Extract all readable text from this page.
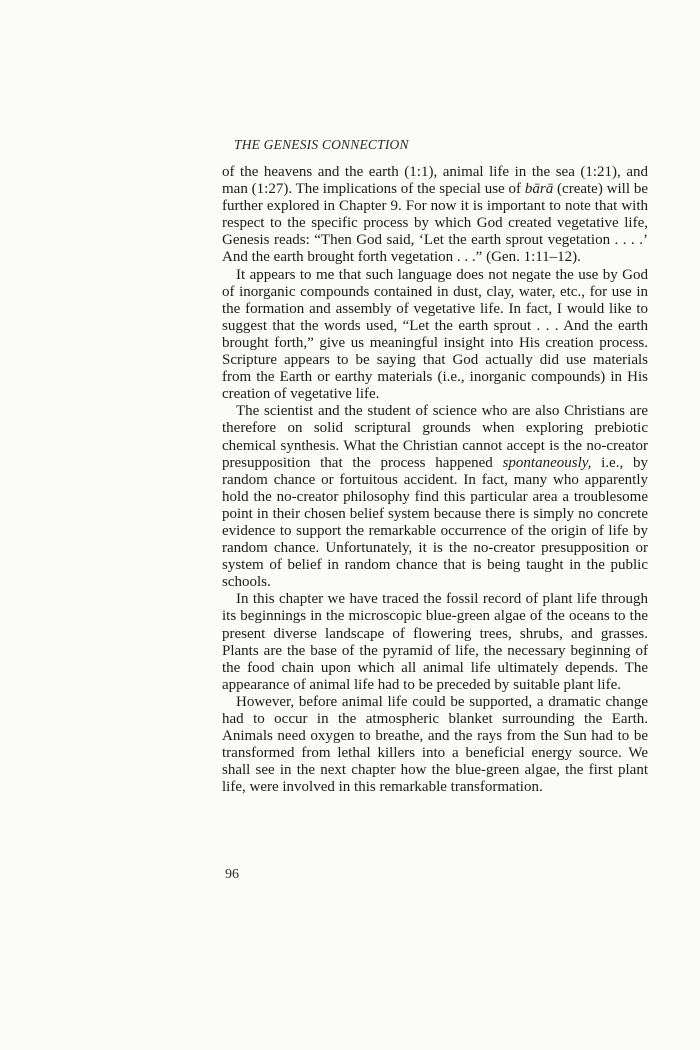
THE GENESIS CONNECTION

of the heavens and the earth (1:1), animal life in the sea (1:21), and man (1:27). The implications of the special use of bārā (create) will be further explored in Chapter 9. For now it is important to note that with respect to the specific process by which God created vegetative life, Genesis reads: “Then God said, ‘Let the earth sprout vegetation . . . .’ And the earth brought forth vegetation . . .” (Gen. 1:11–12).

It appears to me that such language does not negate the use by God of inorganic compounds contained in dust, clay, water, etc., for use in the formation and assembly of vegetative life. In fact, I would like to suggest that the words used, “Let the earth sprout . . . And the earth brought forth,” give us meaningful insight into His creation process. Scripture appears to be saying that God actually did use materials from the Earth or earthy materials (i.e., inorganic compounds) in His creation of vegetative life.

The scientist and the student of science who are also Christians are therefore on solid scriptural grounds when exploring prebiotic chemical synthesis. What the Christian cannot accept is the no-creator presupposition that the process happened spontaneously, i.e., by random chance or fortuitous accident. In fact, many who apparently hold the no-creator philosophy find this particular area a troublesome point in their chosen belief system because there is simply no concrete evidence to support the remarkable occurrence of the origin of life by random chance. Unfortunately, it is the no-creator presupposition or system of belief in random chance that is being taught in the public schools.

In this chapter we have traced the fossil record of plant life through its beginnings in the microscopic blue-green algae of the oceans to the present diverse landscape of flowering trees, shrubs, and grasses. Plants are the base of the pyramid of life, the necessary beginning of the food chain upon which all animal life ultimately depends. The appearance of animal life had to be preceded by suitable plant life.

However, before animal life could be supported, a dramatic change had to occur in the atmospheric blanket surrounding the Earth. Animals need oxygen to breathe, and the rays from the Sun had to be transformed from lethal killers into a beneficial energy source. We shall see in the next chapter how the blue-green algae, the first plant life, were involved in this remarkable transformation.

96
